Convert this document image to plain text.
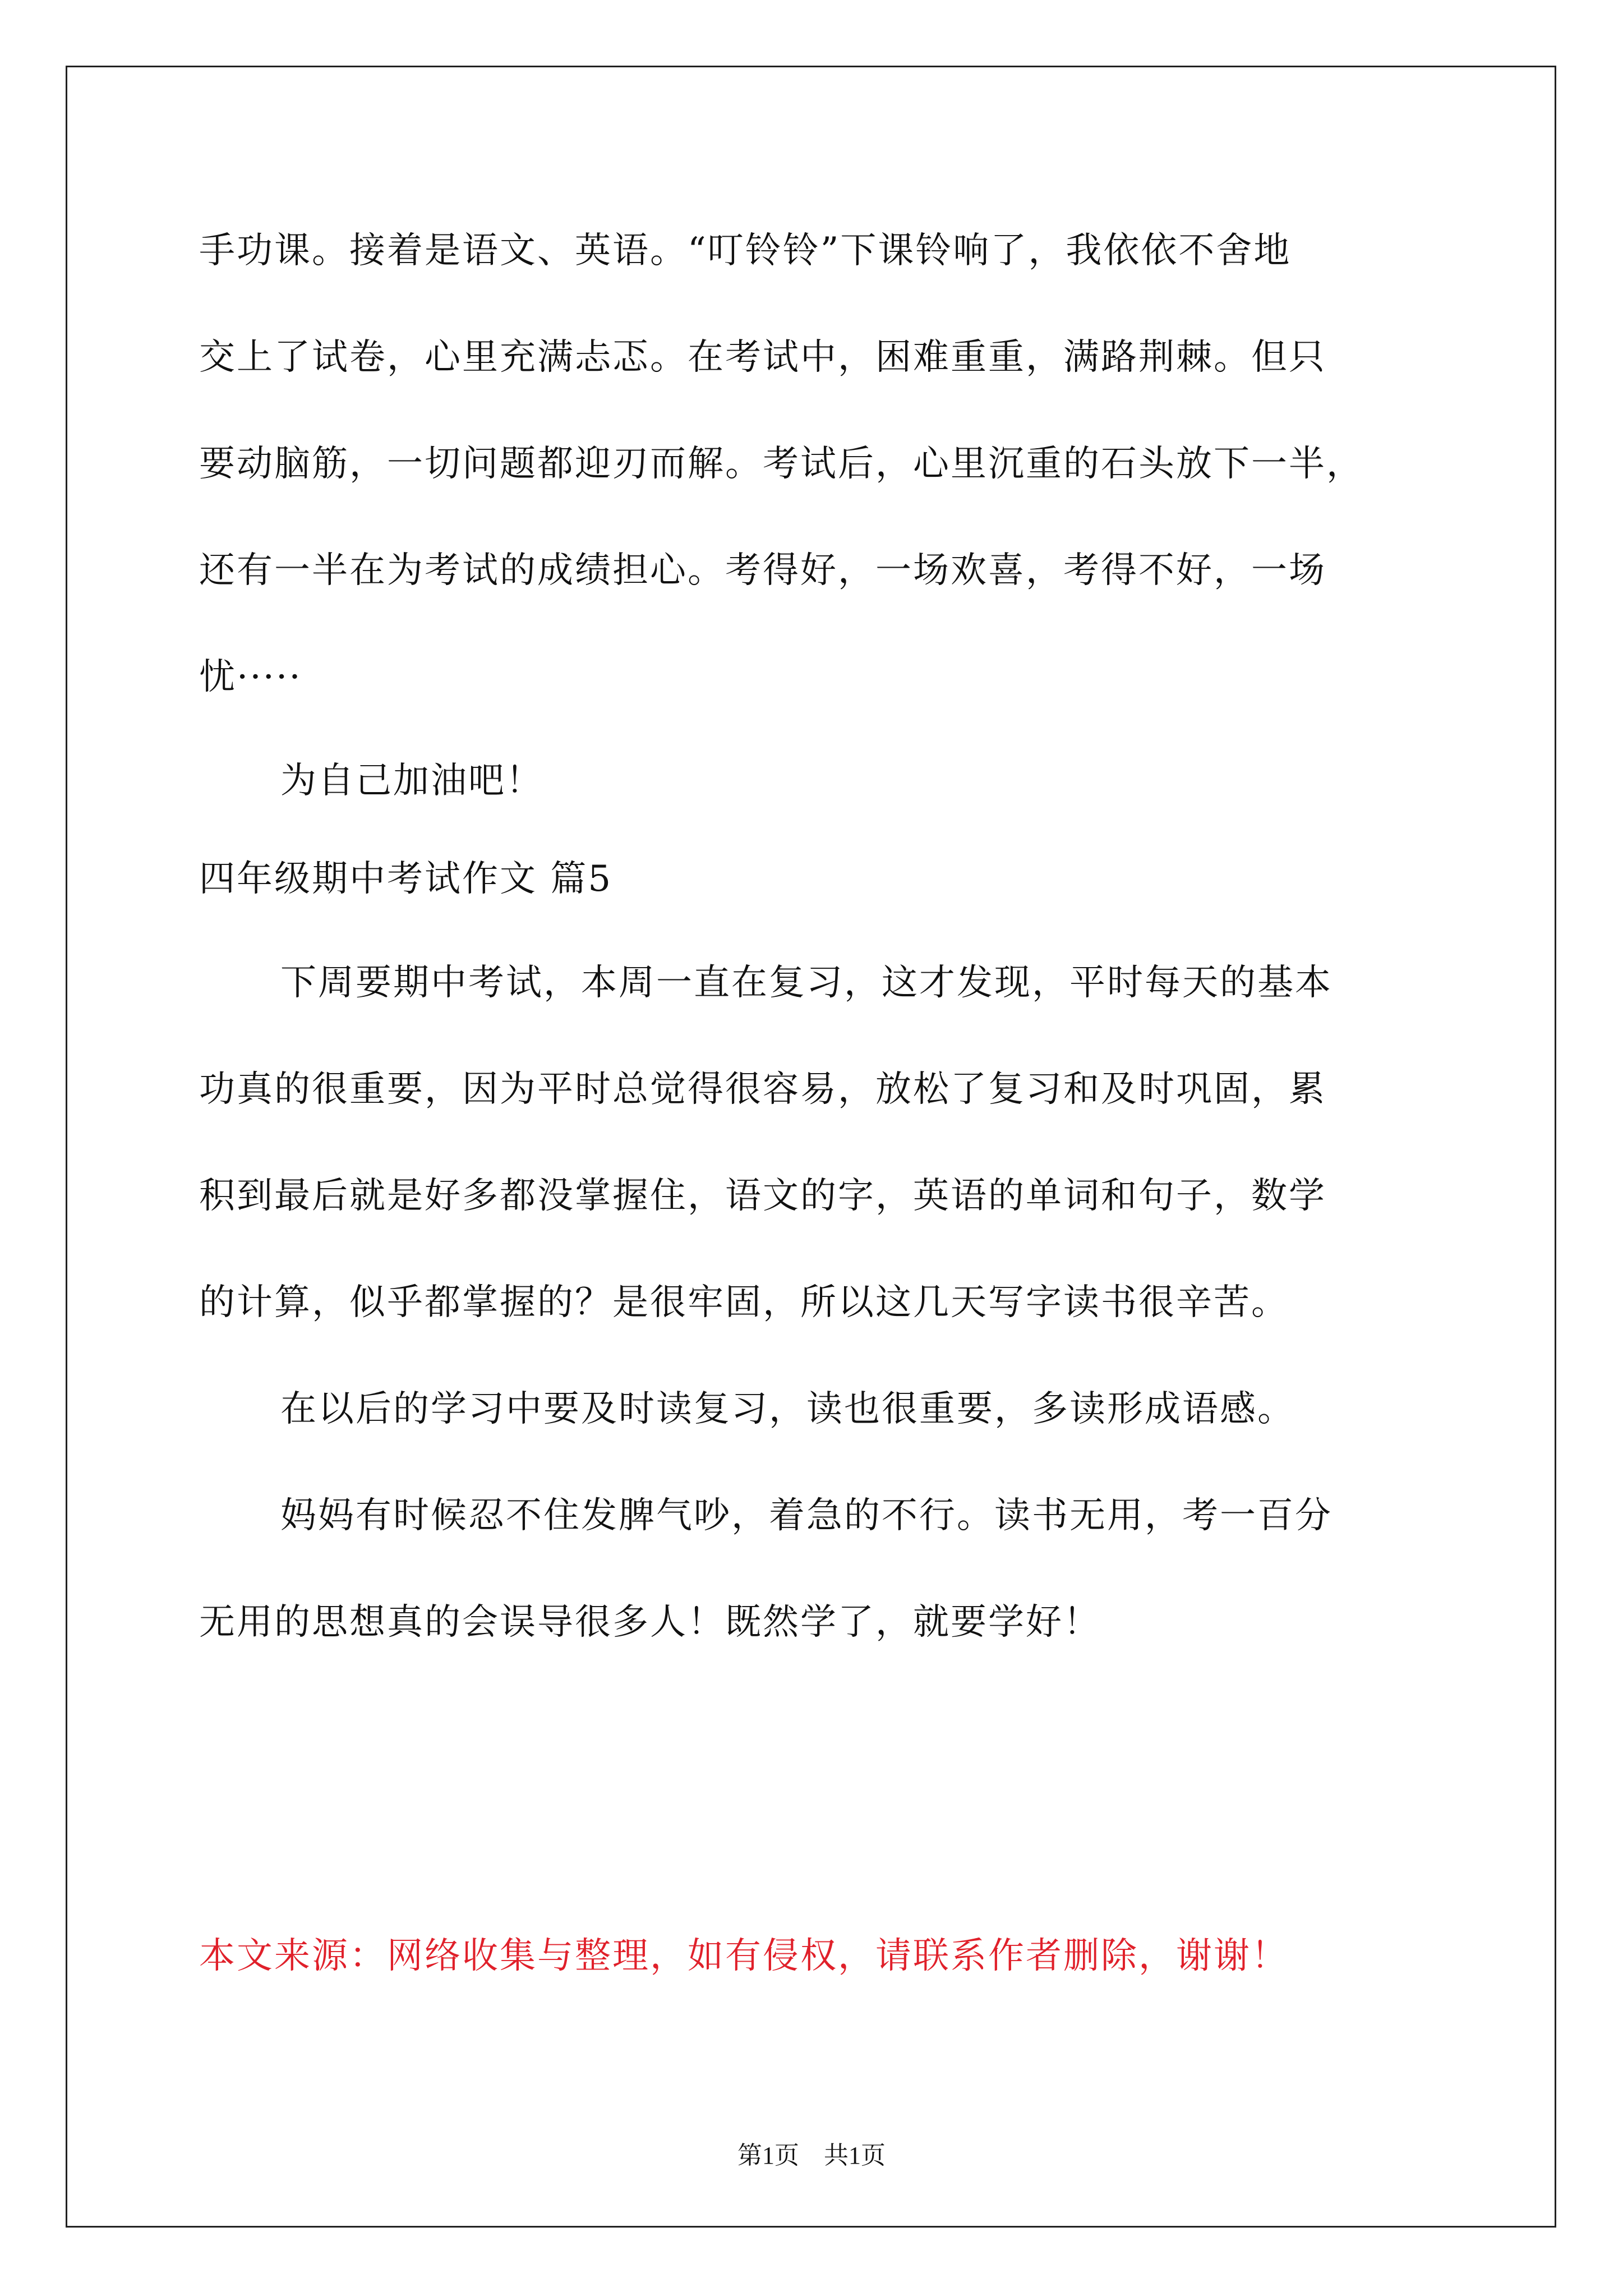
手功课。接着是语文、英语。“叮铃铃”下课铃响了，我依依不舍地
交上了试卷，心里充满忐忑。在考试中，困难重重，满路荆棘。但只
要动脑筋，一切问题都迎刃而解。考试后，心里沉重的石头放下一半，
还有一半在为考试的成绩担心。考得好，一场欢喜，考得不好，一场
忧·····
为自己加油吧！
四年级期中考试作文 篇5
下周要期中考试，本周一直在复习，这才发现，平时每天的基本
功真的很重要，因为平时总觉得很容易，放松了复习和及时巩固，累
积到最后就是好多都没掌握住，语文的字，英语的单词和句子，数学
的计算，似乎都掌握的？是很牢固，所以这几天写字读书很辛苦。
在以后的学习中要及时读复习，读也很重要，多读形成语感。
妈妈有时候忍不住发脾气吵，着急的不行。读书无用，考一百分
无用的思想真的会误导很多人！既然学了，就要学好！
本文来源：网络收集与整理，如有侵权，请联系作者删除，谢谢！
第1页　共1页
